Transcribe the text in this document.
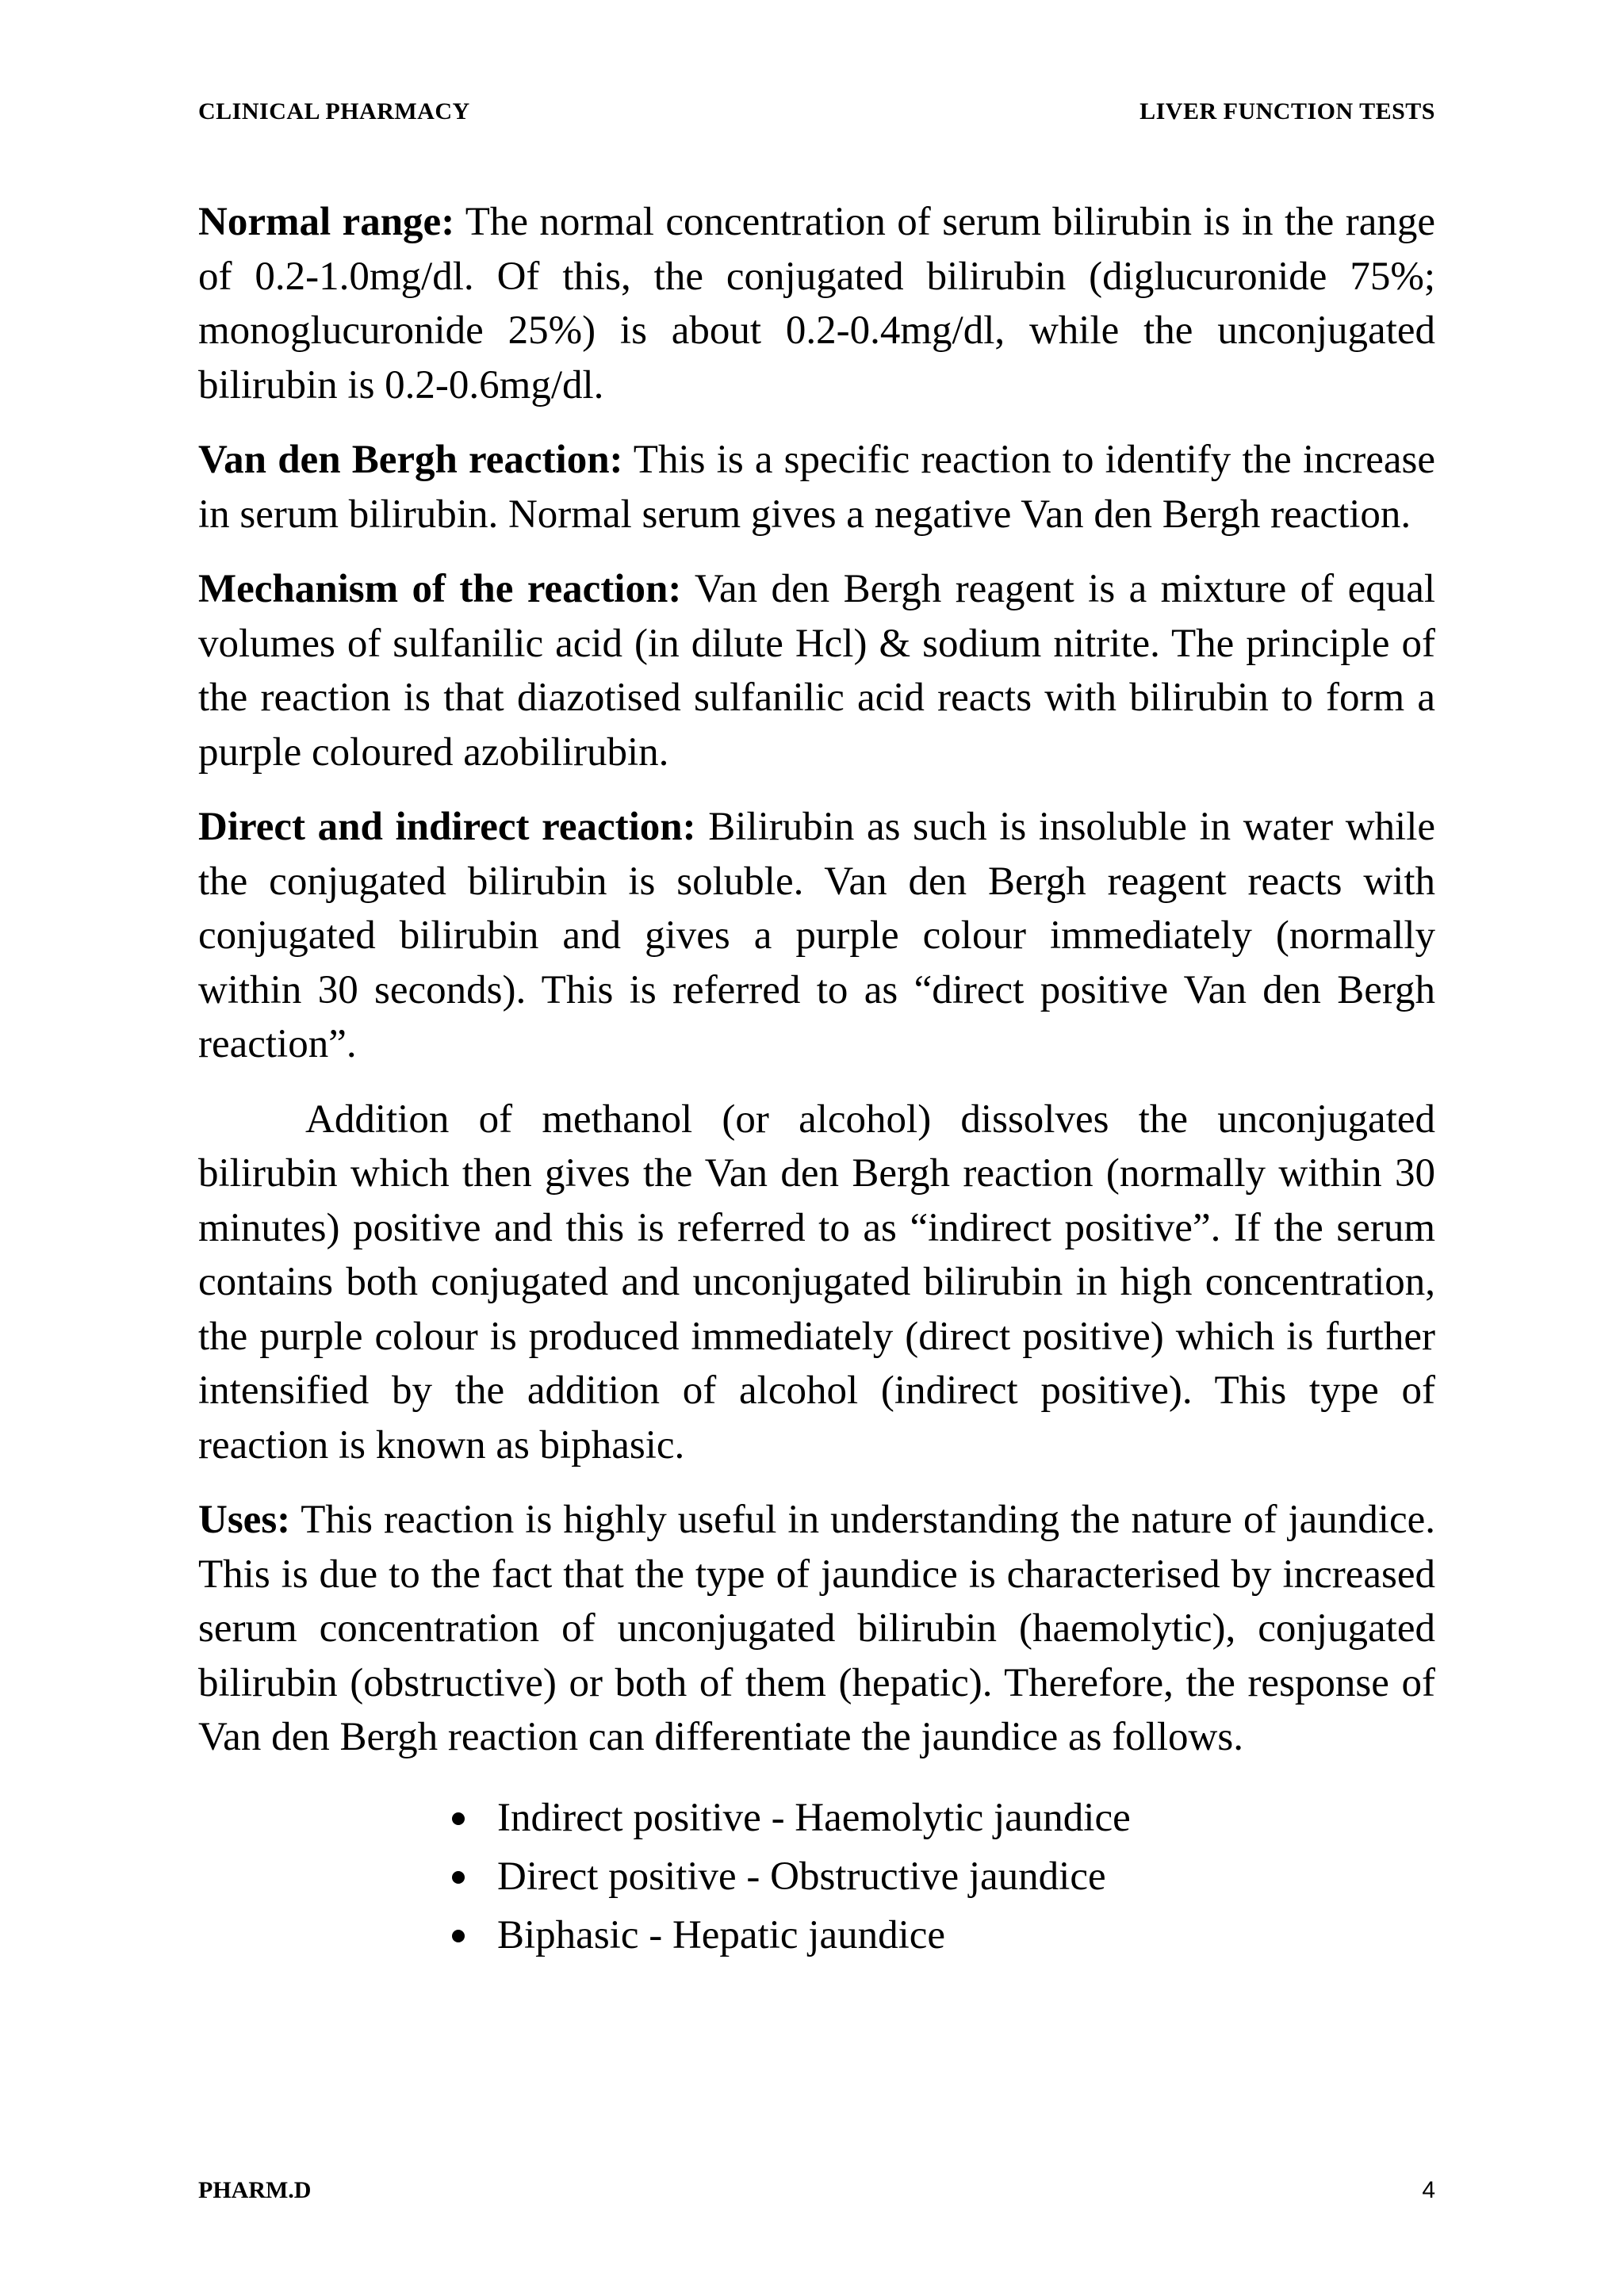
CLINICAL PHARMACY	LIVER FUNCTION TESTS

Normal range: The normal concentration of serum bilirubin is in the range of 0.2-1.0mg/dl. Of this, the conjugated bilirubin (diglucuronide 75%; monoglucuronide 25%) is about 0.2-0.4mg/dl, while the unconjugated bilirubin is 0.2-0.6mg/dl.

Van den Bergh reaction: This is a specific reaction to identify the increase in serum bilirubin. Normal serum gives a negative Van den Bergh reaction.

Mechanism of the reaction: Van den Bergh reagent is a mixture of equal volumes of sulfanilic acid (in dilute Hcl) & sodium nitrite. The principle of the reaction is that diazotised sulfanilic acid reacts with bilirubin to form a purple coloured azobilirubin.

Direct and indirect reaction: Bilirubin as such is insoluble in water while the conjugated bilirubin is soluble. Van den Bergh reagent reacts with conjugated bilirubin and gives a purple colour immediately (normally within 30 seconds). This is referred to as “direct positive Van den Bergh reaction”.

Addition of methanol (or alcohol) dissolves the unconjugated bilirubin which then gives the Van den Bergh reaction (normally within 30 minutes) positive and this is referred to as “indirect positive”. If the serum contains both conjugated and unconjugated bilirubin in high concentration, the purple colour is produced immediately (direct positive) which is further intensified by the addition of alcohol (indirect positive). This type of reaction is known as biphasic.

Uses: This reaction is highly useful in understanding the nature of jaundice. This is due to the fact that the type of jaundice is characterised by increased serum concentration of unconjugated bilirubin (haemolytic), conjugated bilirubin (obstructive) or both of them (hepatic). Therefore, the response of Van den Bergh reaction can differentiate the jaundice as follows.

Indirect positive - Haemolytic jaundice
Direct positive - Obstructive jaundice
Biphasic - Hepatic jaundice
PHARM.D	4
